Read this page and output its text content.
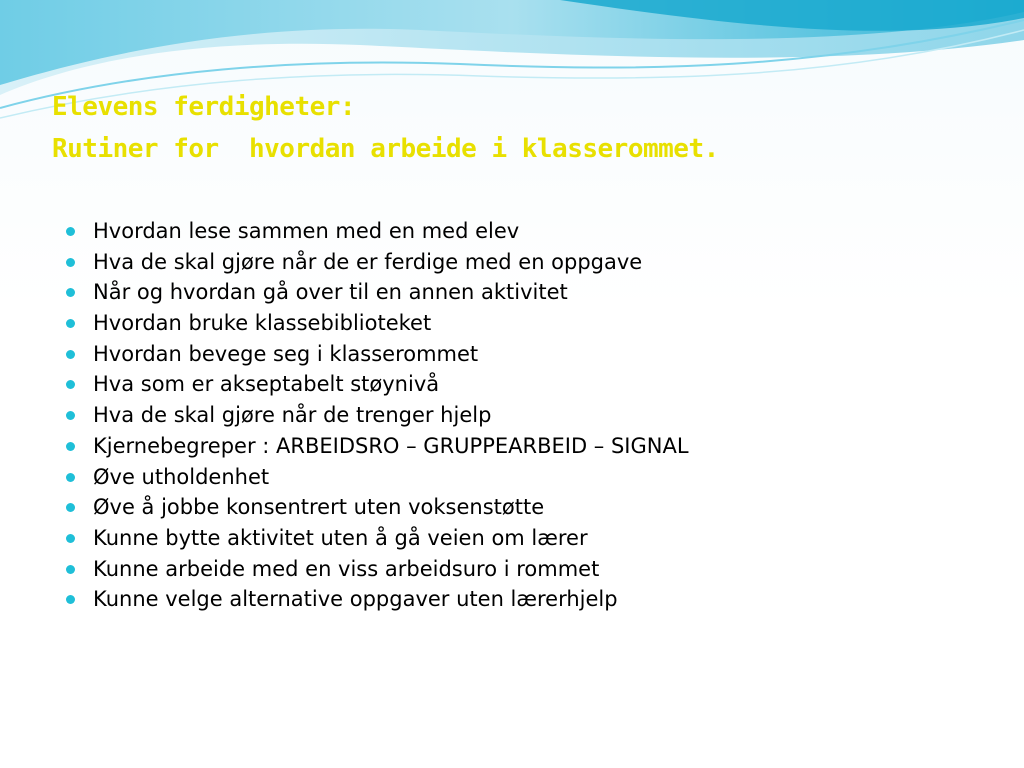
Elevens ferdigheter:
Rutiner for  hvordan arbeide i klasserommet.
Hvordan lese sammen med en med elev
Hva de skal gjøre når de er ferdige med en oppgave
Når og hvordan gå over til en annen aktivitet
Hvordan bruke klassebiblioteket
Hvordan bevege seg i klasserommet
Hva som er akseptabelt støynivå
Hva de skal gjøre når de trenger hjelp
Kjernebegreper : ARBEIDSRO – GRUPPEARBEID – SIGNAL
Øve utholdenhet
Øve å jobbe konsentrert uten voksenstøtte
Kunne bytte aktivitet uten å gå veien om lærer
Kunne arbeide med en viss arbeidsuro i rommet
Kunne velge alternative oppgaver uten lærerhjelp
